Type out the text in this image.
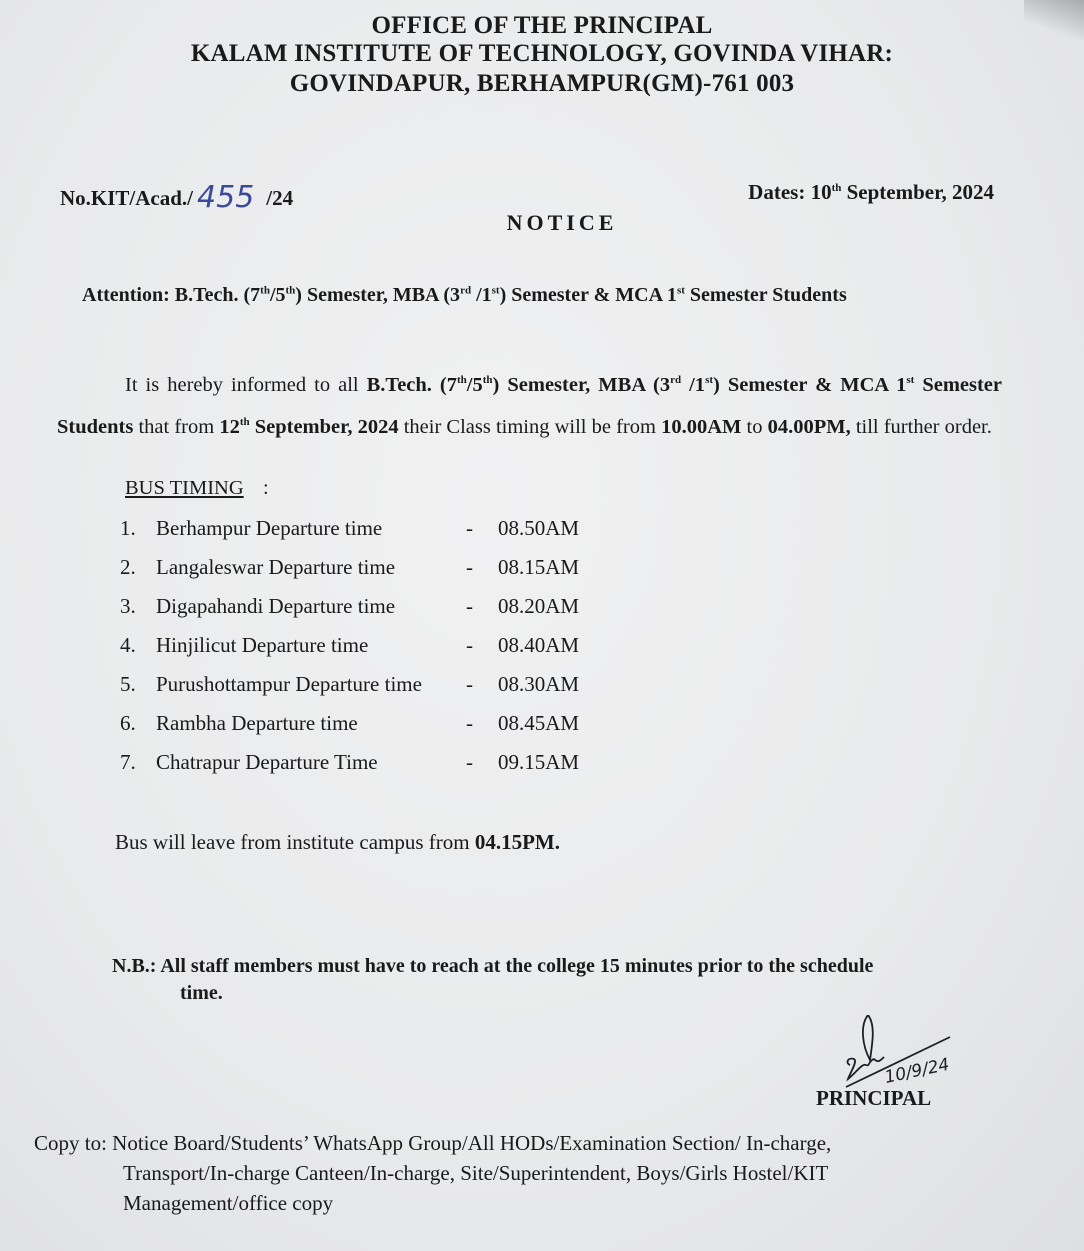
OFFICE OF THE PRINCIPAL
KALAM INSTITUTE OF TECHNOLOGY, GOVINDA VIHAR:
GOVINDAPUR, BERHAMPUR(GM)-761 003
No.KIT/Acad./ 455 /24	Dates: 10th September, 2024
NOTICE
Attention: B.Tech. (7th/5th) Semester, MBA (3rd /1st) Semester & MCA 1st Semester Students
It is hereby informed to all B.Tech. (7th/5th) Semester, MBA (3rd /1st) Semester & MCA 1st Semester Students that from 12th September, 2024 their Class timing will be from 10.00AM to 04.00PM, till further order.
BUS TIMING :
1. Berhampur Departure time	- 08.50AM
2. Langaleswar Departure time	- 08.15AM
3. Digapahandi Departure time	- 08.20AM
4. Hinjilicut Departure time	- 08.40AM
5. Purushottampur Departure time - 08.30AM
6. Rambha Departure time	- 08.45AM
7. Chatrapur Departure Time	- 09.15AM
Bus will leave from institute campus from 04.15PM.
N.B.: All staff members must have to reach at the college 15 minutes prior to the schedule
time.
10/9/24
PRINCIPAL
Copy to: Notice Board/Students’ WhatsApp Group/All HODs/Examination Section/ In-charge,
Transport/In-charge Canteen/In-charge, Site/Superintendent, Boys/Girls Hostel/KIT
Management/office copy
